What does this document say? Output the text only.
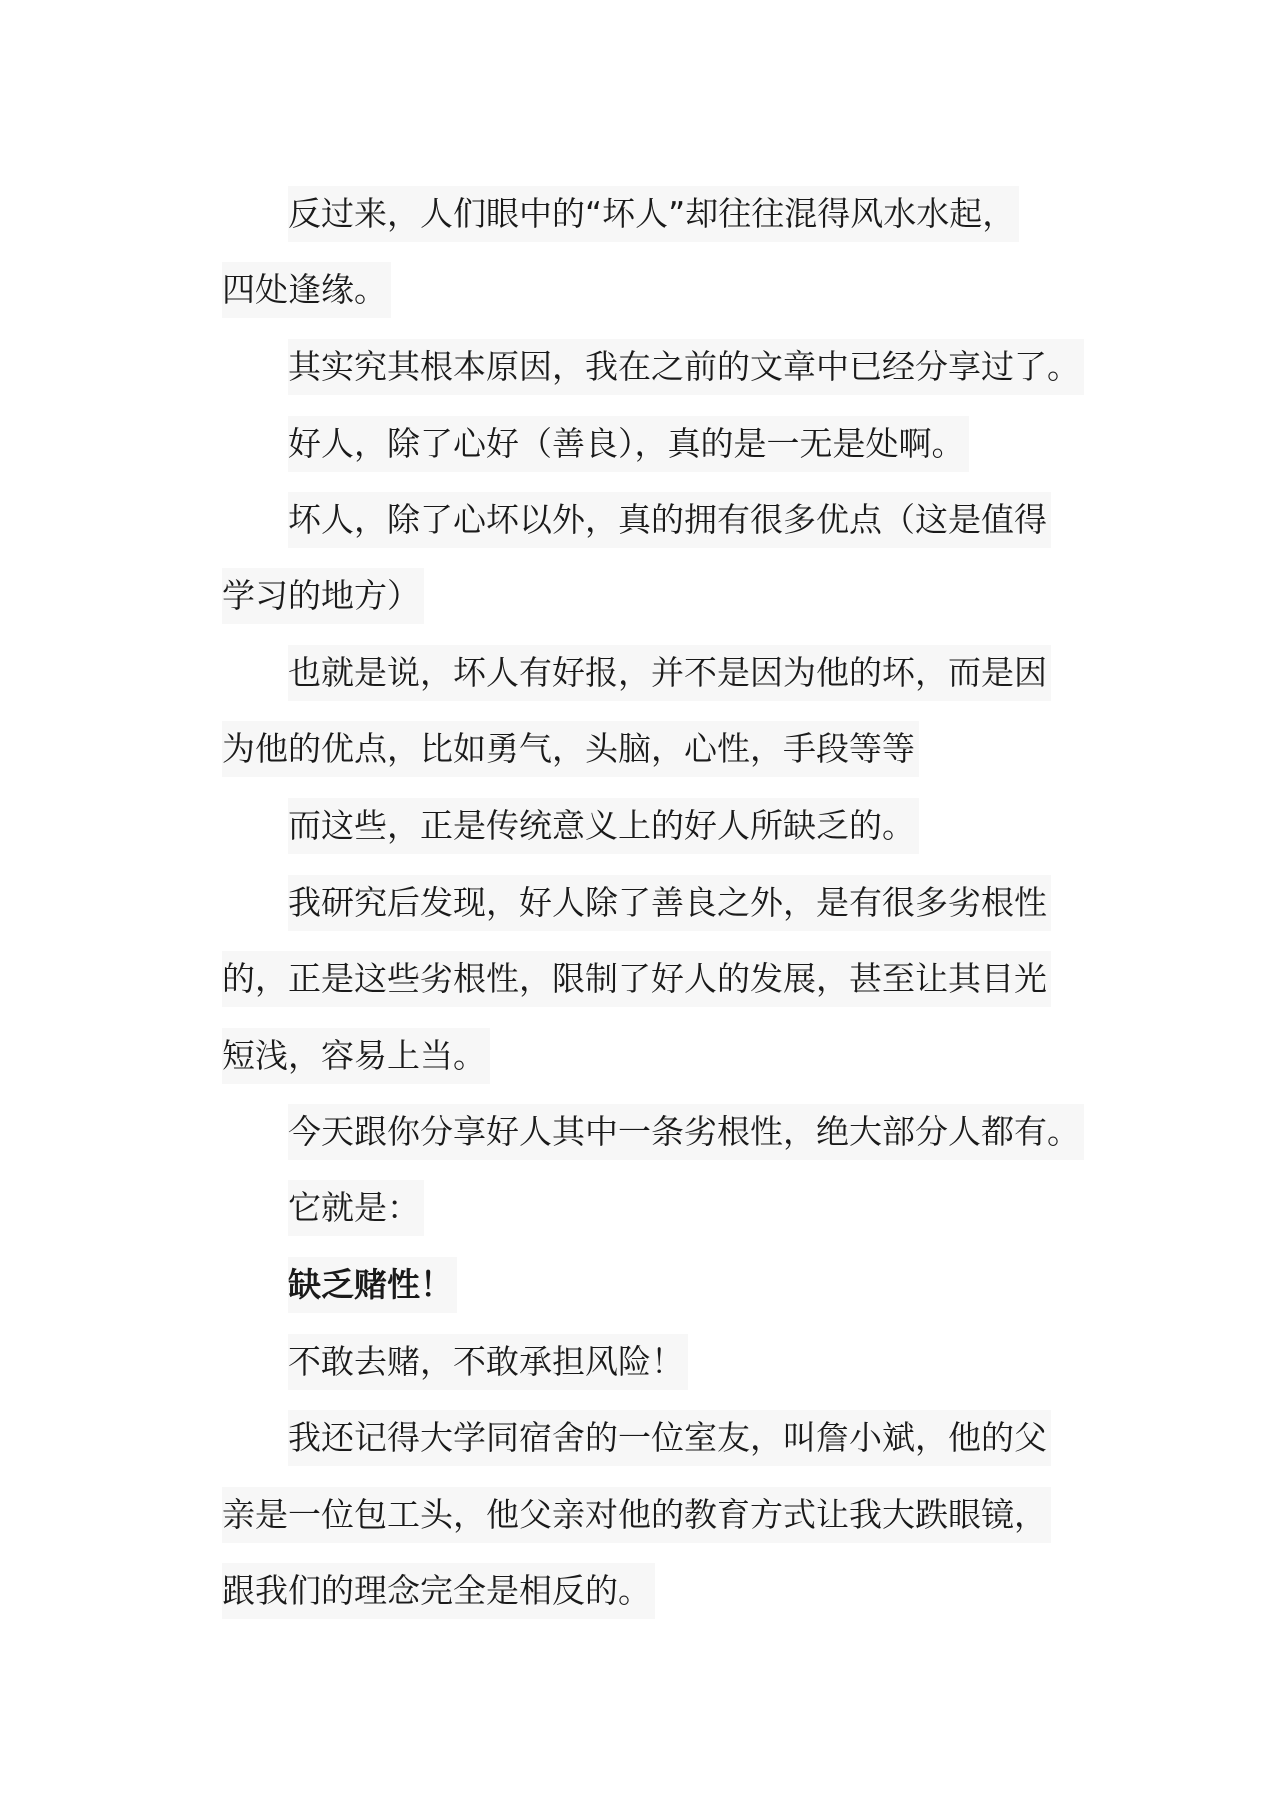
反过来，人们眼中的“坏人”却往往混得风水水起，
四处逢缘。
其实究其根本原因，我在之前的文章中已经分享过了。
好人，除了心好（善良），真的是一无是处啊。
坏人，除了心坏以外，真的拥有很多优点（这是值得
学习的地方）
也就是说，坏人有好报，并不是因为他的坏，而是因
为他的优点，比如勇气，头脑，心性，手段等等
而这些，正是传统意义上的好人所缺乏的。
我研究后发现，好人除了善良之外，是有很多劣根性
的，正是这些劣根性，限制了好人的发展，甚至让其目光
短浅，容易上当。
今天跟你分享好人其中一条劣根性，绝大部分人都有。
它就是：
缺乏赌性！
不敢去赌，不敢承担风险！
我还记得大学同宿舍的一位室友，叫詹小斌，他的父
亲是一位包工头，他父亲对他的教育方式让我大跌眼镜，
跟我们的理念完全是相反的。
